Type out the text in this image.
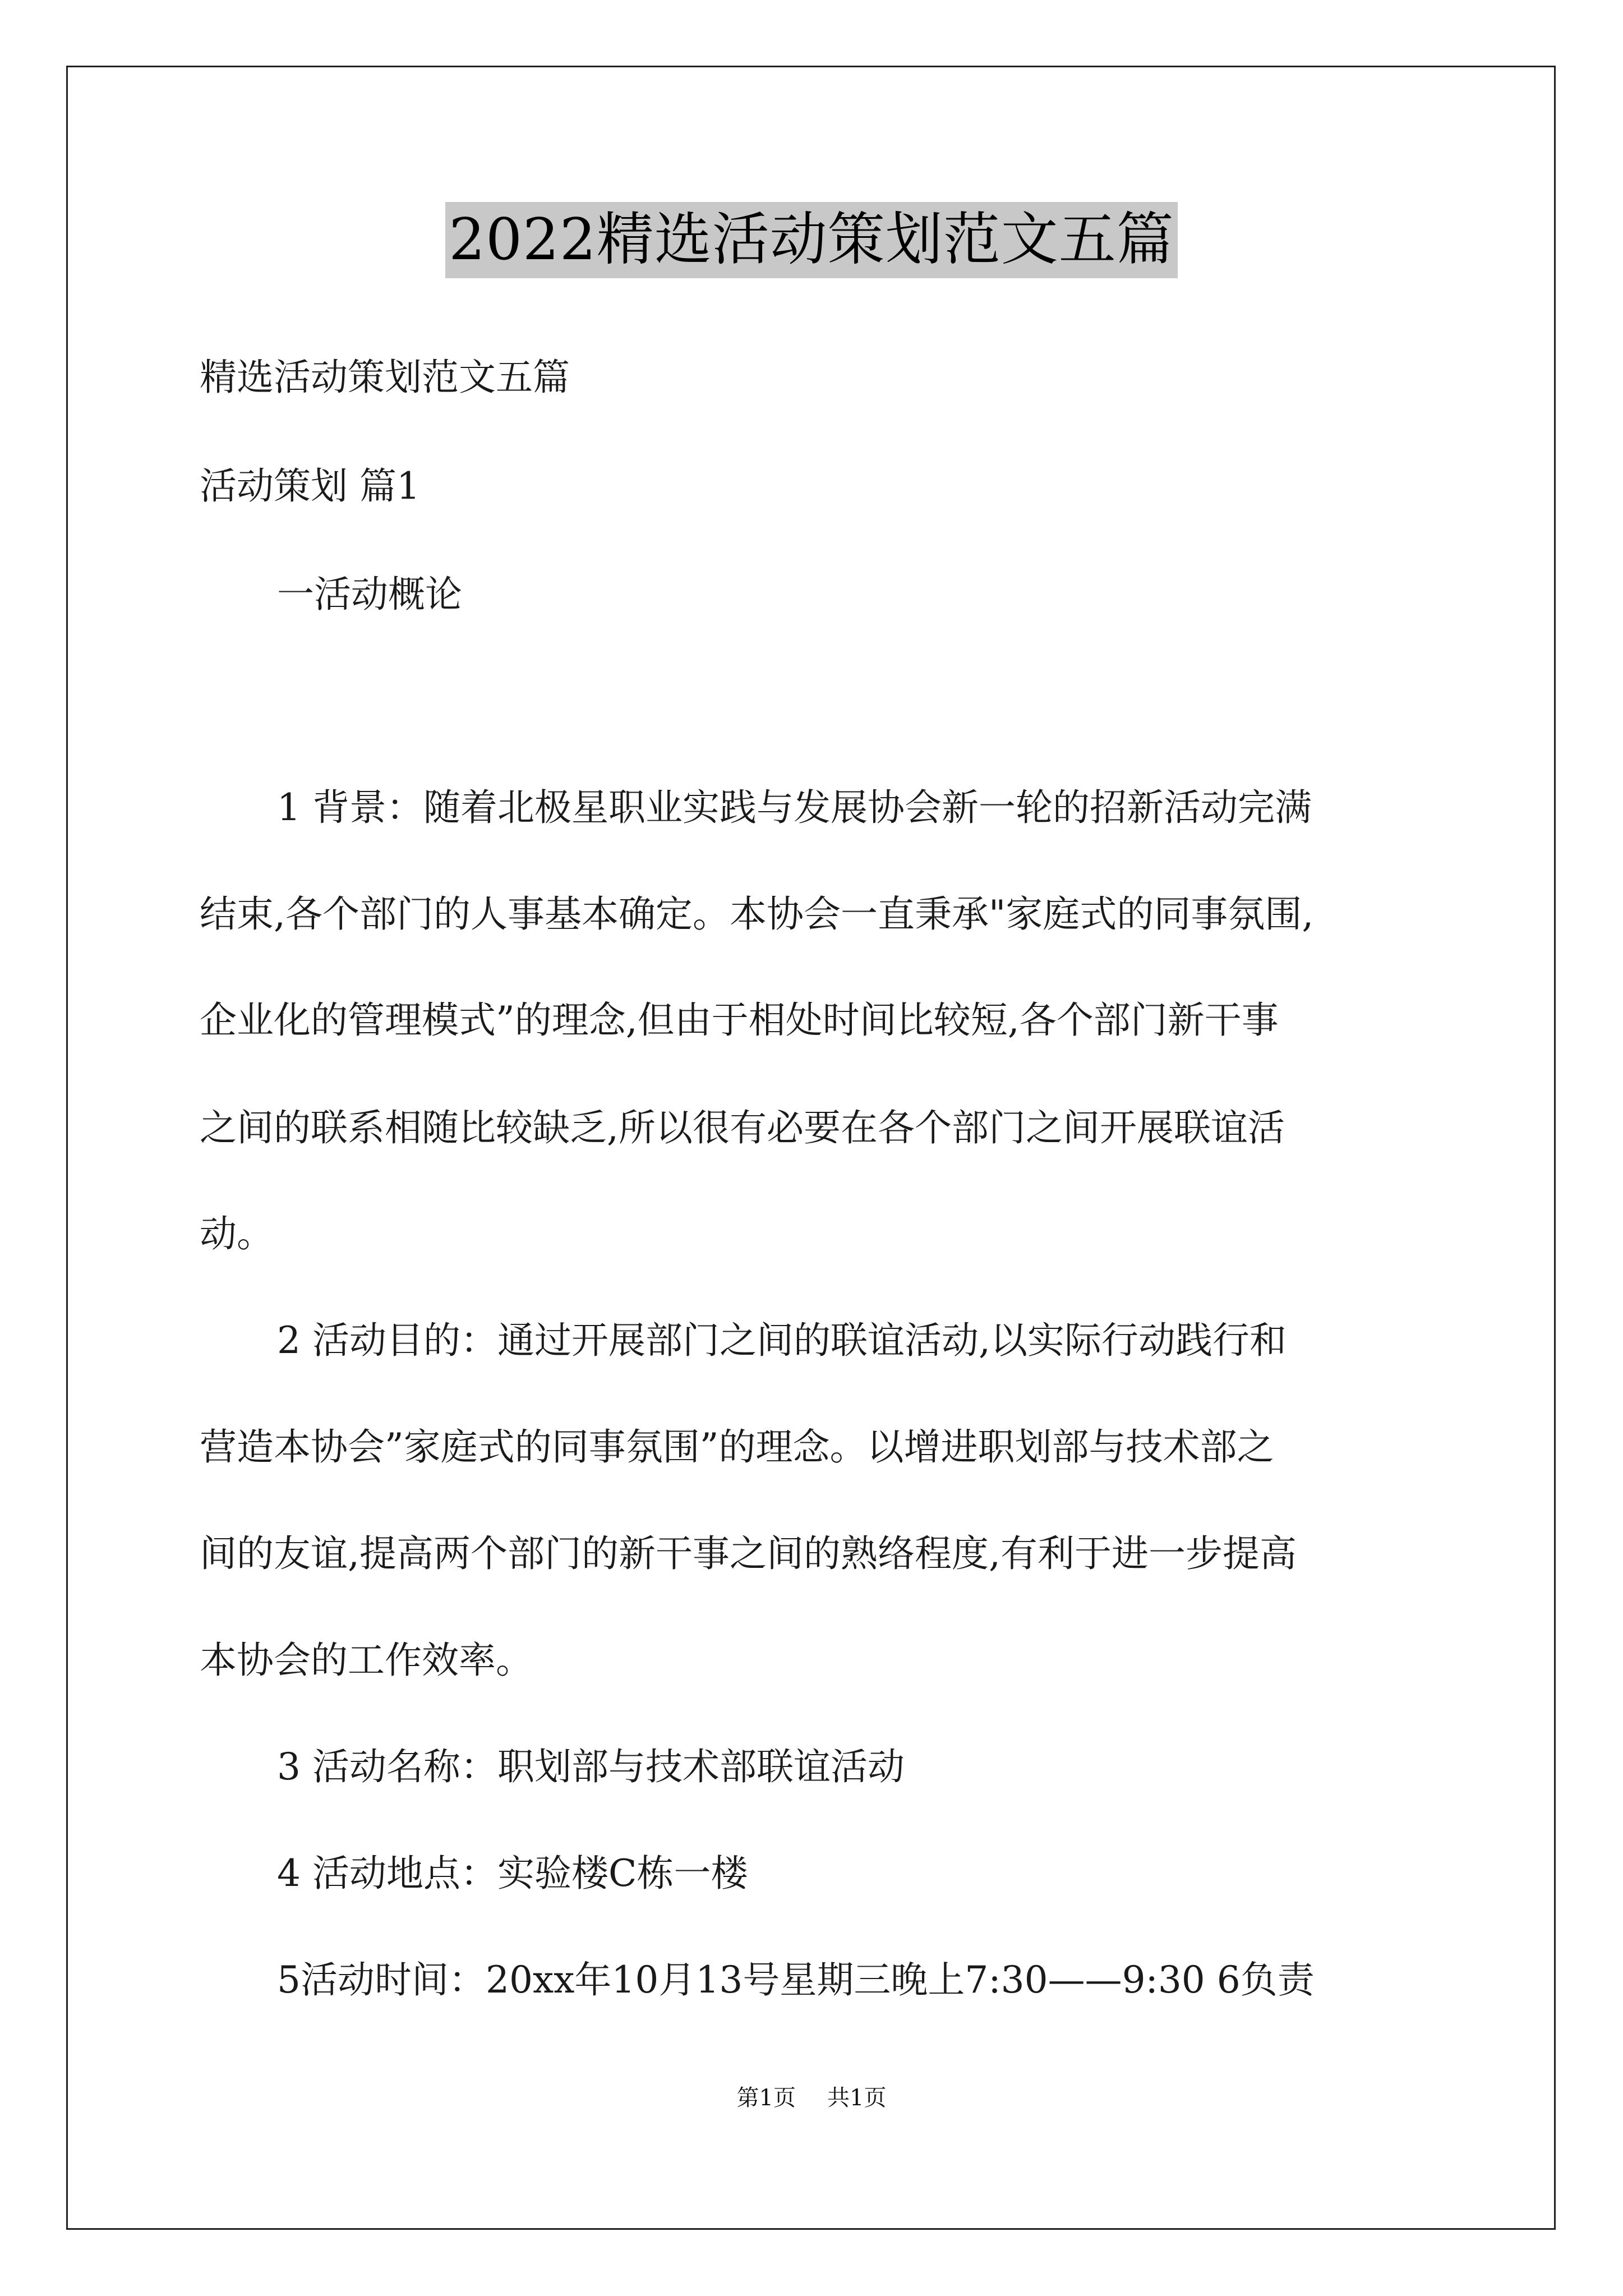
2022精选活动策划范文五篇
精选活动策划范文五篇
活动策划 篇1
一活动概论
1 背景：随着北极星职业实践与发展协会新一轮的招新活动完满
结束,各个部门的人事基本确定。本协会一直秉承"家庭式的同事氛围,
企业化的管理模式”的理念,但由于相处时间比较短,各个部门新干事
之间的联系相随比较缺乏,所以很有必要在各个部门之间开展联谊活
动。
2 活动目的：通过开展部门之间的联谊活动,以实际行动践行和
营造本协会”家庭式的同事氛围”的理念。以增进职划部与技术部之
间的友谊,提高两个部门的新干事之间的熟络程度,有利于进一步提高
本协会的工作效率。
3 活动名称：职划部与技术部联谊活动
4 活动地点：实验楼C栋一楼
5活动时间：20xx年10月13号星期三晚上7:30——9:30 6负责
第1页 共1页
